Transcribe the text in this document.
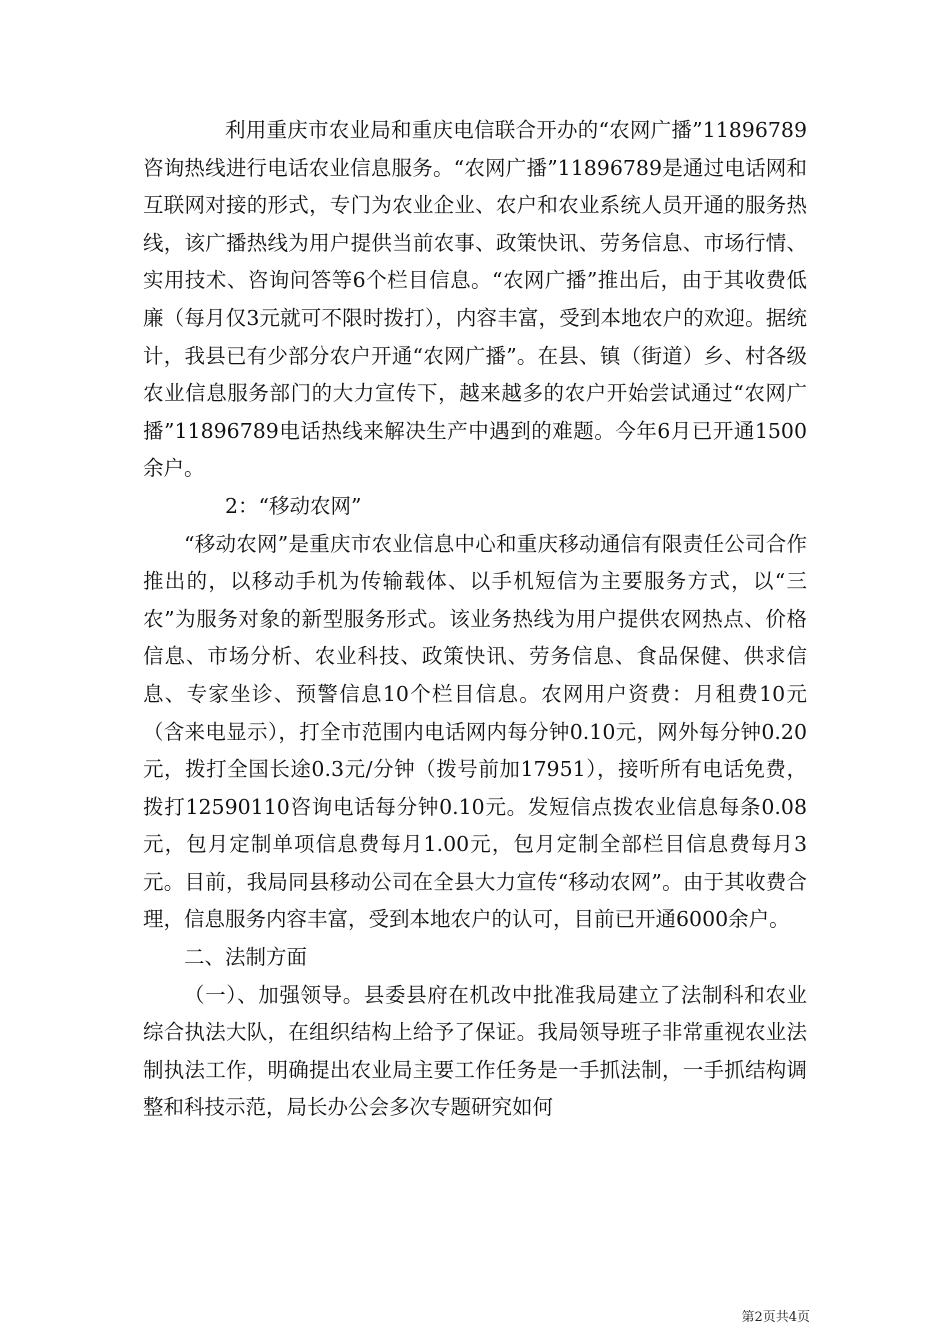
利用重庆市农业局和重庆电信联合开办的“农网广播”11896789咨询热线进行电话农业信息服务。“农网广播”11896789是通过电话网和互联网对接的形式，专门为农业企业、农户和农业系统人员开通的服务热线，该广播热线为用户提供当前农事、政策快讯、劳务信息、市场行情、实用技术、咨询问答等6个栏目信息。“农网广播”推出后，由于其收费低廉（每月仅3元就可不限时拨打），内容丰富，受到本地农户的欢迎。据统计，我县已有少部分农户开通“农网广播”。在县、镇（街道）乡、村各级农业信息服务部门的大力宣传下，越来越多的农户开始尝试通过“农网广播”11896789电话热线来解决生产中遇到的难题。今年6月已开通1500余户。

2：“移动农网”

“移动农网”是重庆市农业信息中心和重庆移动通信有限责任公司合作推出的，以移动手机为传输载体、以手机短信为主要服务方式，以“三农”为服务对象的新型服务形式。该业务热线为用户提供农网热点、价格信息、市场分析、农业科技、政策快讯、劳务信息、食品保健、供求信息、专家坐诊、预警信息10个栏目信息。农网用户资费：月租费10元（含来电显示），打全市范围内电话网内每分钟0.10元，网外每分钟0.20元，拨打全国长途0.3元/分钟（拨号前加17951），接听所有电话免费，拨打12590110咨询电话每分钟0.10元。发短信点拨农业信息每条0.08元，包月定制单项信息费每月1.00元，包月定制全部栏目信息费每月3元。目前，我局同县移动公司在全县大力宣传“移动农网”。由于其收费合理，信息服务内容丰富，受到本地农户的认可，目前已开通6000余户。

二、法制方面

（一）、加强领导。县委县府在机改中批准我局建立了法制科和农业综合执法大队，在组织结构上给予了保证。我局领导班子非常重视农业法制执法工作，明确提出农业局主要工作任务是一手抓法制，一手抓结构调整和科技示范，局长办公会多次专题研究如何

第2页共4页
